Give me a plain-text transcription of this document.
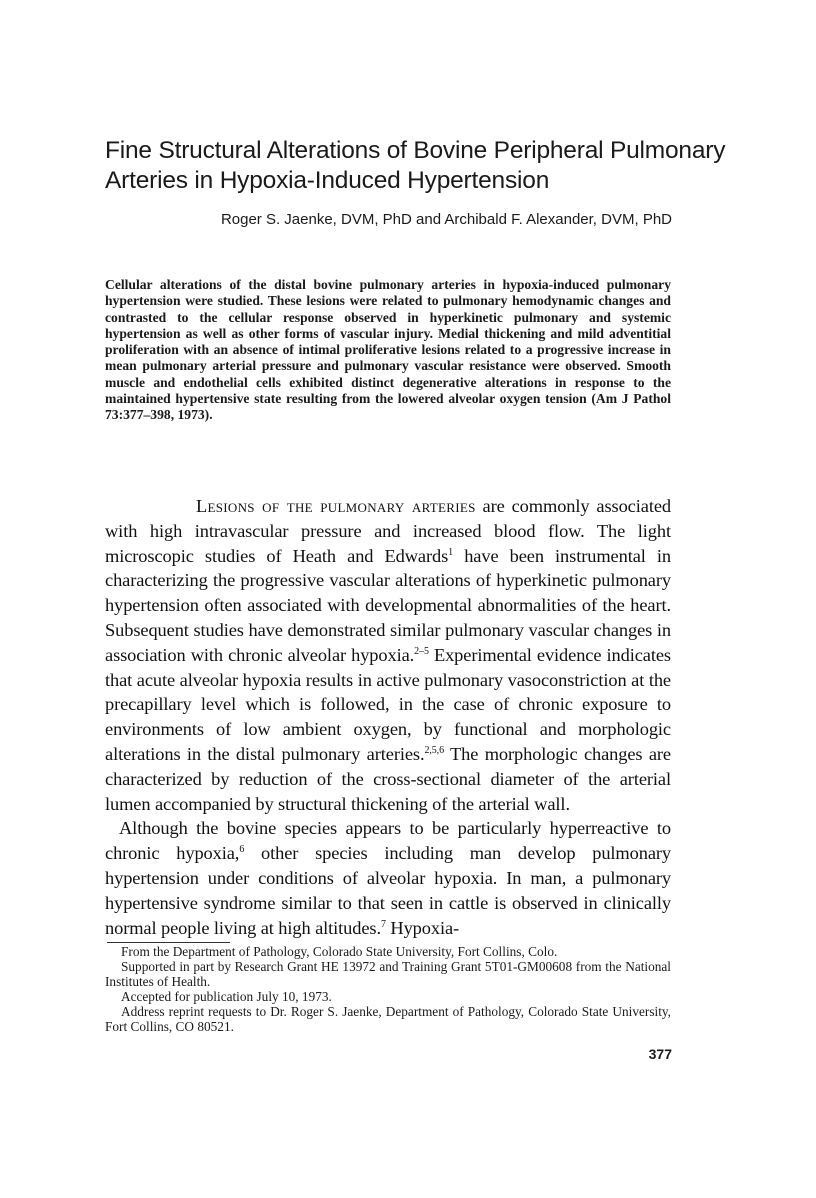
Fine Structural Alterations of Bovine Peripheral Pulmonary Arteries in Hypoxia-Induced Hypertension
Roger S. Jaenke, DVM, PhD and Archibald F. Alexander, DVM, PhD

Cellular alterations of the distal bovine pulmonary arteries in hypoxia-induced pulmonary hypertension were studied. These lesions were related to pulmonary hemodynamic changes and contrasted to the cellular response observed in hyperkinetic pulmonary and systemic hypertension as well as other forms of vascular injury. Medial thickening and mild adventitial proliferation with an absence of intimal proliferative lesions related to a progressive increase in mean pulmonary arterial pressure and pulmonary vascular resistance were observed. Smooth muscle and endothelial cells exhibited distinct degenerative alterations in response to the maintained hypertensive state resulting from the lowered alveolar oxygen tension (Am J Pathol 73:377–398, 1973).

Lesions of the pulmonary arteries are commonly associated with high intravascular pressure and increased blood flow. The light microscopic studies of Heath and Edwards$^1$ have been instrumental in characterizing the progressive vascular alterations of hyperkinetic pulmonary hypertension often associated with developmental abnormalities of the heart. Subsequent studies have demonstrated similar pulmonary vascular changes in association with chronic alveolar hypoxia.$^{2-5}$ Experimental evidence indicates that acute alveolar hypoxia results in active pulmonary vasoconstriction at the precapillary level which is followed, in the case of chronic exposure to environments of low ambient oxygen, by functional and morphologic alterations in the distal pulmonary arteries.$^{2,5,6}$ The morphologic changes are characterized by reduction of the cross-sectional diameter of the arterial lumen accompanied by structural thickening of the arterial wall.

Although the bovine species appears to be particularly hyperreactive to chronic hypoxia,$^6$ other species including man develop pulmonary hypertension under conditions of alveolar hypoxia. In man, a pulmonary hypertensive syndrome similar to that seen in cattle is observed in clinically normal people living at high altitudes.$^7$ Hypoxia-

From the Department of Pathology, Colorado State University, Fort Collins, Colo.

Supported in part by Research Grant HE 13972 and Training Grant 5T01-GM00608 from the National Institutes of Health.

Accepted for publication July 10, 1973.

Address reprint requests to Dr. Roger S. Jaenke, Department of Pathology, Colorado State University, Fort Collins, CO 80521.

377
